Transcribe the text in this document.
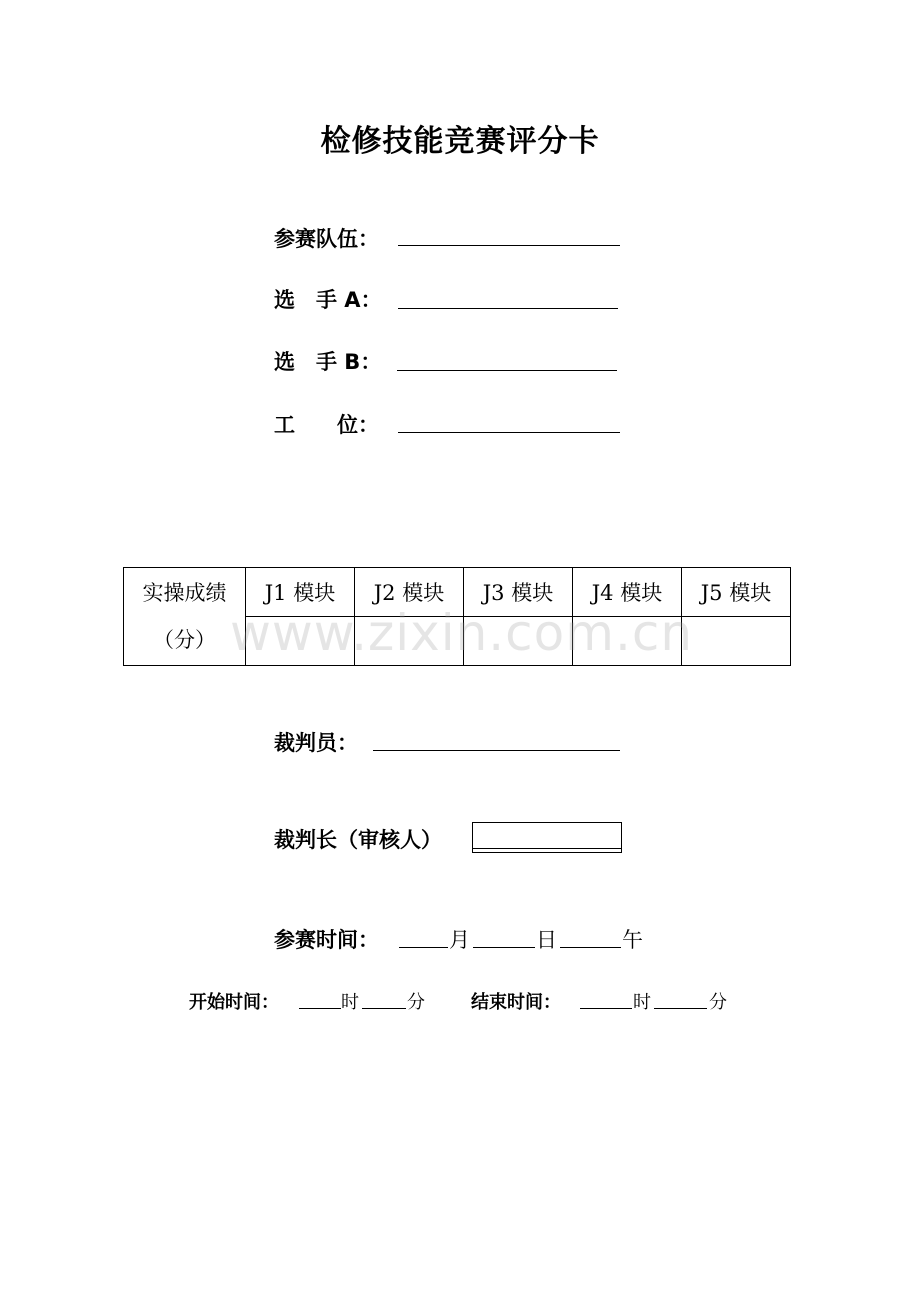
检修技能竞赛评分卡
参赛队伍：
选　手 A：
选　手 B：
工　　位：
实操成绩
（分）	J1 模块	J2 模块	J3 模块	J4 模块	J5 模块

www.zixin.com.cn
裁判员：
裁判长（审核人）
参赛时间：	月	日	午
开始时间：	时	分	结束时间：	时	分
